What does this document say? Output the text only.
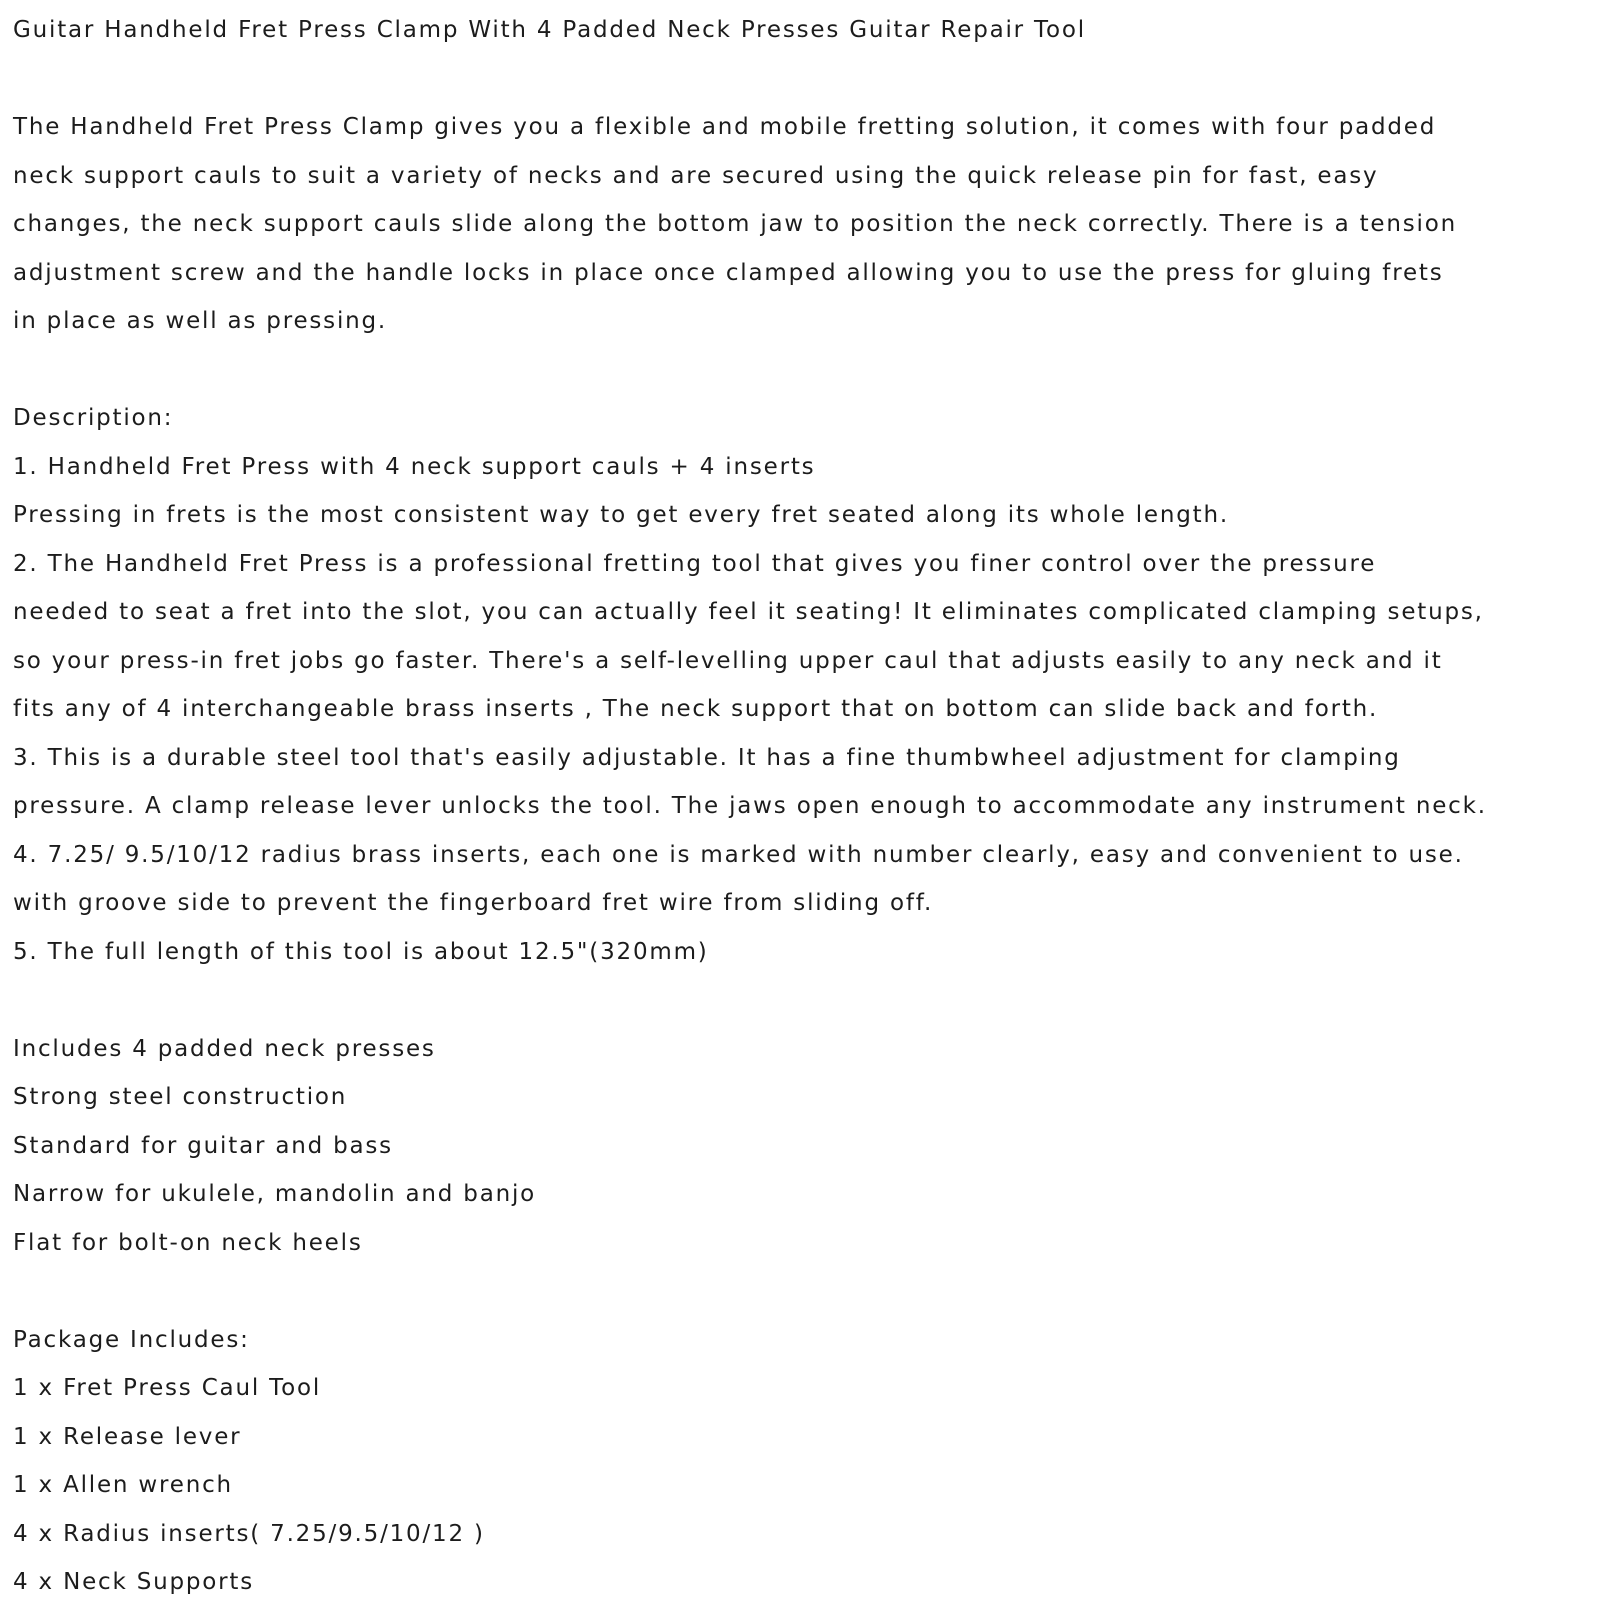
Guitar Handheld Fret Press Clamp With 4 Padded Neck Presses Guitar Repair Tool
The Handheld Fret Press Clamp gives you a flexible and mobile fretting solution, it comes with four padded
neck support cauls to suit a variety of necks and are secured using the quick release pin for fast, easy
changes, the neck support cauls slide along the bottom jaw to position the neck correctly. There is a tension
adjustment screw and the handle locks in place once clamped allowing you to use the press for gluing frets
in place as well as pressing.
Description:
1. Handheld Fret Press with 4 neck support cauls + 4 inserts
Pressing in frets is the most consistent way to get every fret seated along its whole length.
2. The Handheld Fret Press is a professional fretting tool that gives you finer control over the pressure
needed to seat a fret into the slot, you can actually feel it seating! It eliminates complicated clamping setups,
so your press-in fret jobs go faster. There's a self-levelling upper caul that adjusts easily to any neck and it
fits any of 4 interchangeable brass inserts , The neck support that on bottom can slide back and forth.
3. This is a durable steel tool that's easily adjustable. It has a fine thumbwheel adjustment for clamping
pressure. A clamp release lever unlocks the tool. The jaws open enough to accommodate any instrument neck.
4. 7.25/ 9.5/10/12 radius brass inserts, each one is marked with number clearly, easy and convenient to use.
with groove side to prevent the fingerboard fret wire from sliding off.
5. The full length of this tool is about 12.5"(320mm)
Includes 4 padded neck presses
Strong steel construction
Standard for guitar and bass
Narrow for ukulele, mandolin and banjo
Flat for bolt-on neck heels
Package Includes:
1 x Fret Press Caul Tool
1 x Release lever
1 x Allen wrench
4 x Radius inserts( 7.25/9.5/10/12 )
4 x Neck Supports
